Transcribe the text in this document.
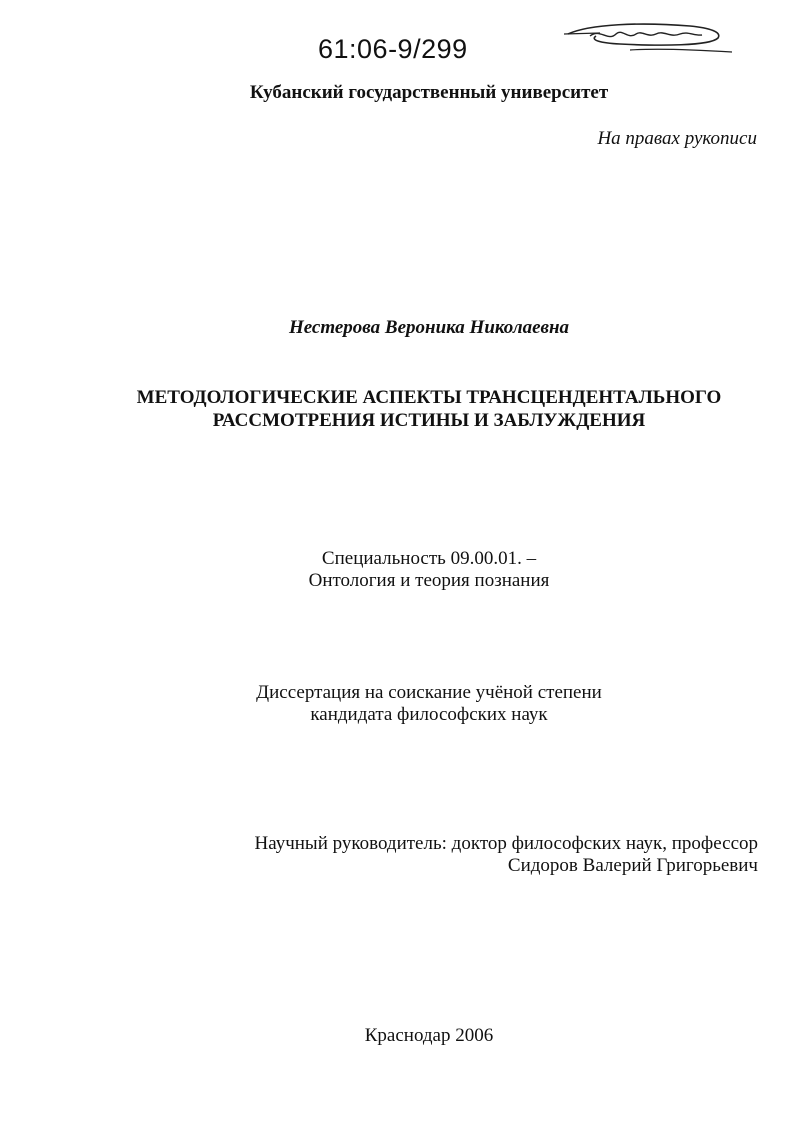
61:06-9/299
Кубанский государственный университет
На правах рукописи
Нестерова Вероника Николаевна
МЕТОДОЛОГИЧЕСКИЕ АСПЕКТЫ ТРАНСЦЕНДЕНТАЛЬНОГО
РАССМОТРЕНИЯ ИСТИНЫ И ЗАБЛУЖДЕНИЯ
Специальность 09.00.01. –
Онтология и теория познания
Диссертация на соискание учёной степени
кандидата философских наук
Научный руководитель: доктор философских наук, профессор
Сидоров Валерий Григорьевич
Краснодар 2006
